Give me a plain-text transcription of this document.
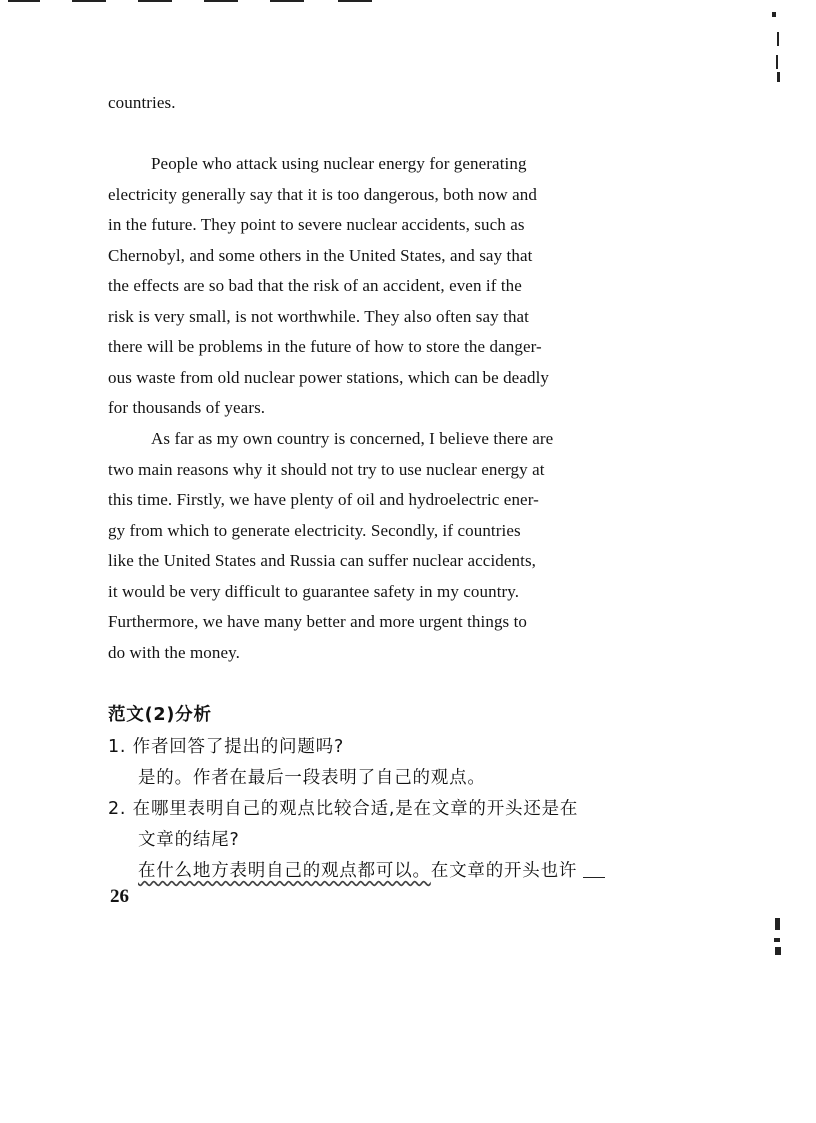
countries.
People who attack using nuclear energy for generating
electricity generally say that it is too dangerous, both now and
in the future. They point to severe nuclear accidents, such as
Chernobyl, and some others in the United States, and say that
the effects are so bad that the risk of an accident, even if the
risk is very small, is not worthwhile. They also often say that
there will be problems in the future of how to store the danger-
ous waste from old nuclear power stations, which can be deadly
for thousands of years.
As far as my own country is concerned, I believe there are
two main reasons why it should not try to use nuclear energy at
this time. Firstly, we have plenty of oil and hydroelectric ener-
gy from which to generate electricity. Secondly, if countries
like the United States and Russia can suffer nuclear accidents,
it would be very difficult to guarantee safety in my country.
Furthermore, we have many better and more urgent things to
do with the money.
范文(2)分析
1. 作者回答了提出的问题吗?
是的。作者在最后一段表明了自己的观点。
2. 在哪里表明自己的观点比较合适,是在文章的开头还是在
文章的结尾?
在什么地方表明自己的观点都可以。在文章的开头也许
26
